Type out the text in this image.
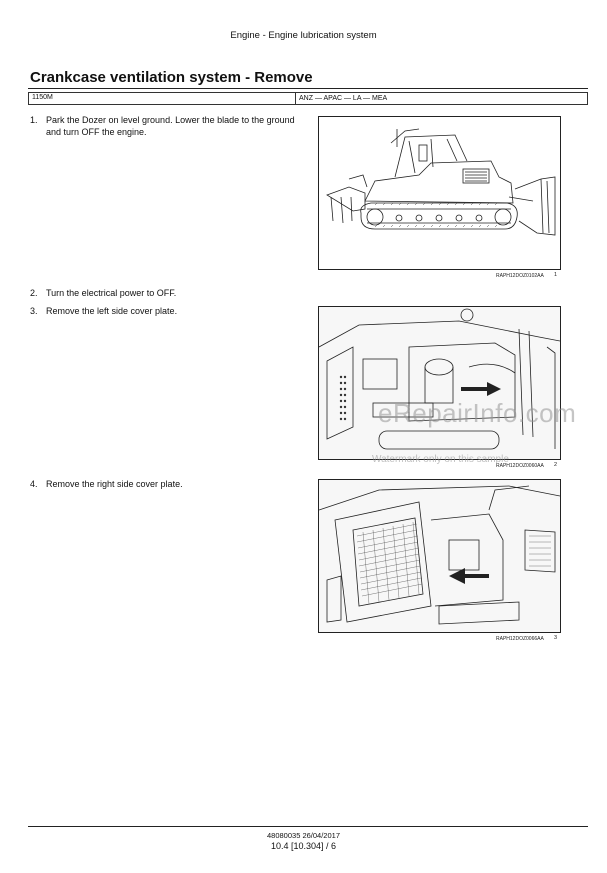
Engine - Engine lubrication system
Crankcase ventilation system - Remove
1150M	ANZ — APAC — LA — MEA
1. Park the Dozer on level ground. Lower the blade to the ground and turn OFF the engine.
2. Turn the electrical power to OFF.
3. Remove the left side cover plate.
4. Remove the right side cover plate.
RAPH12DOZ0102AA 1
RAPH12DOZ0060AA 2
RAPH12DOZ0066AA 3
eRepairInfo.com
Watermark only on this sample
48080035 26/04/2017
10.4 [10.304] / 6
